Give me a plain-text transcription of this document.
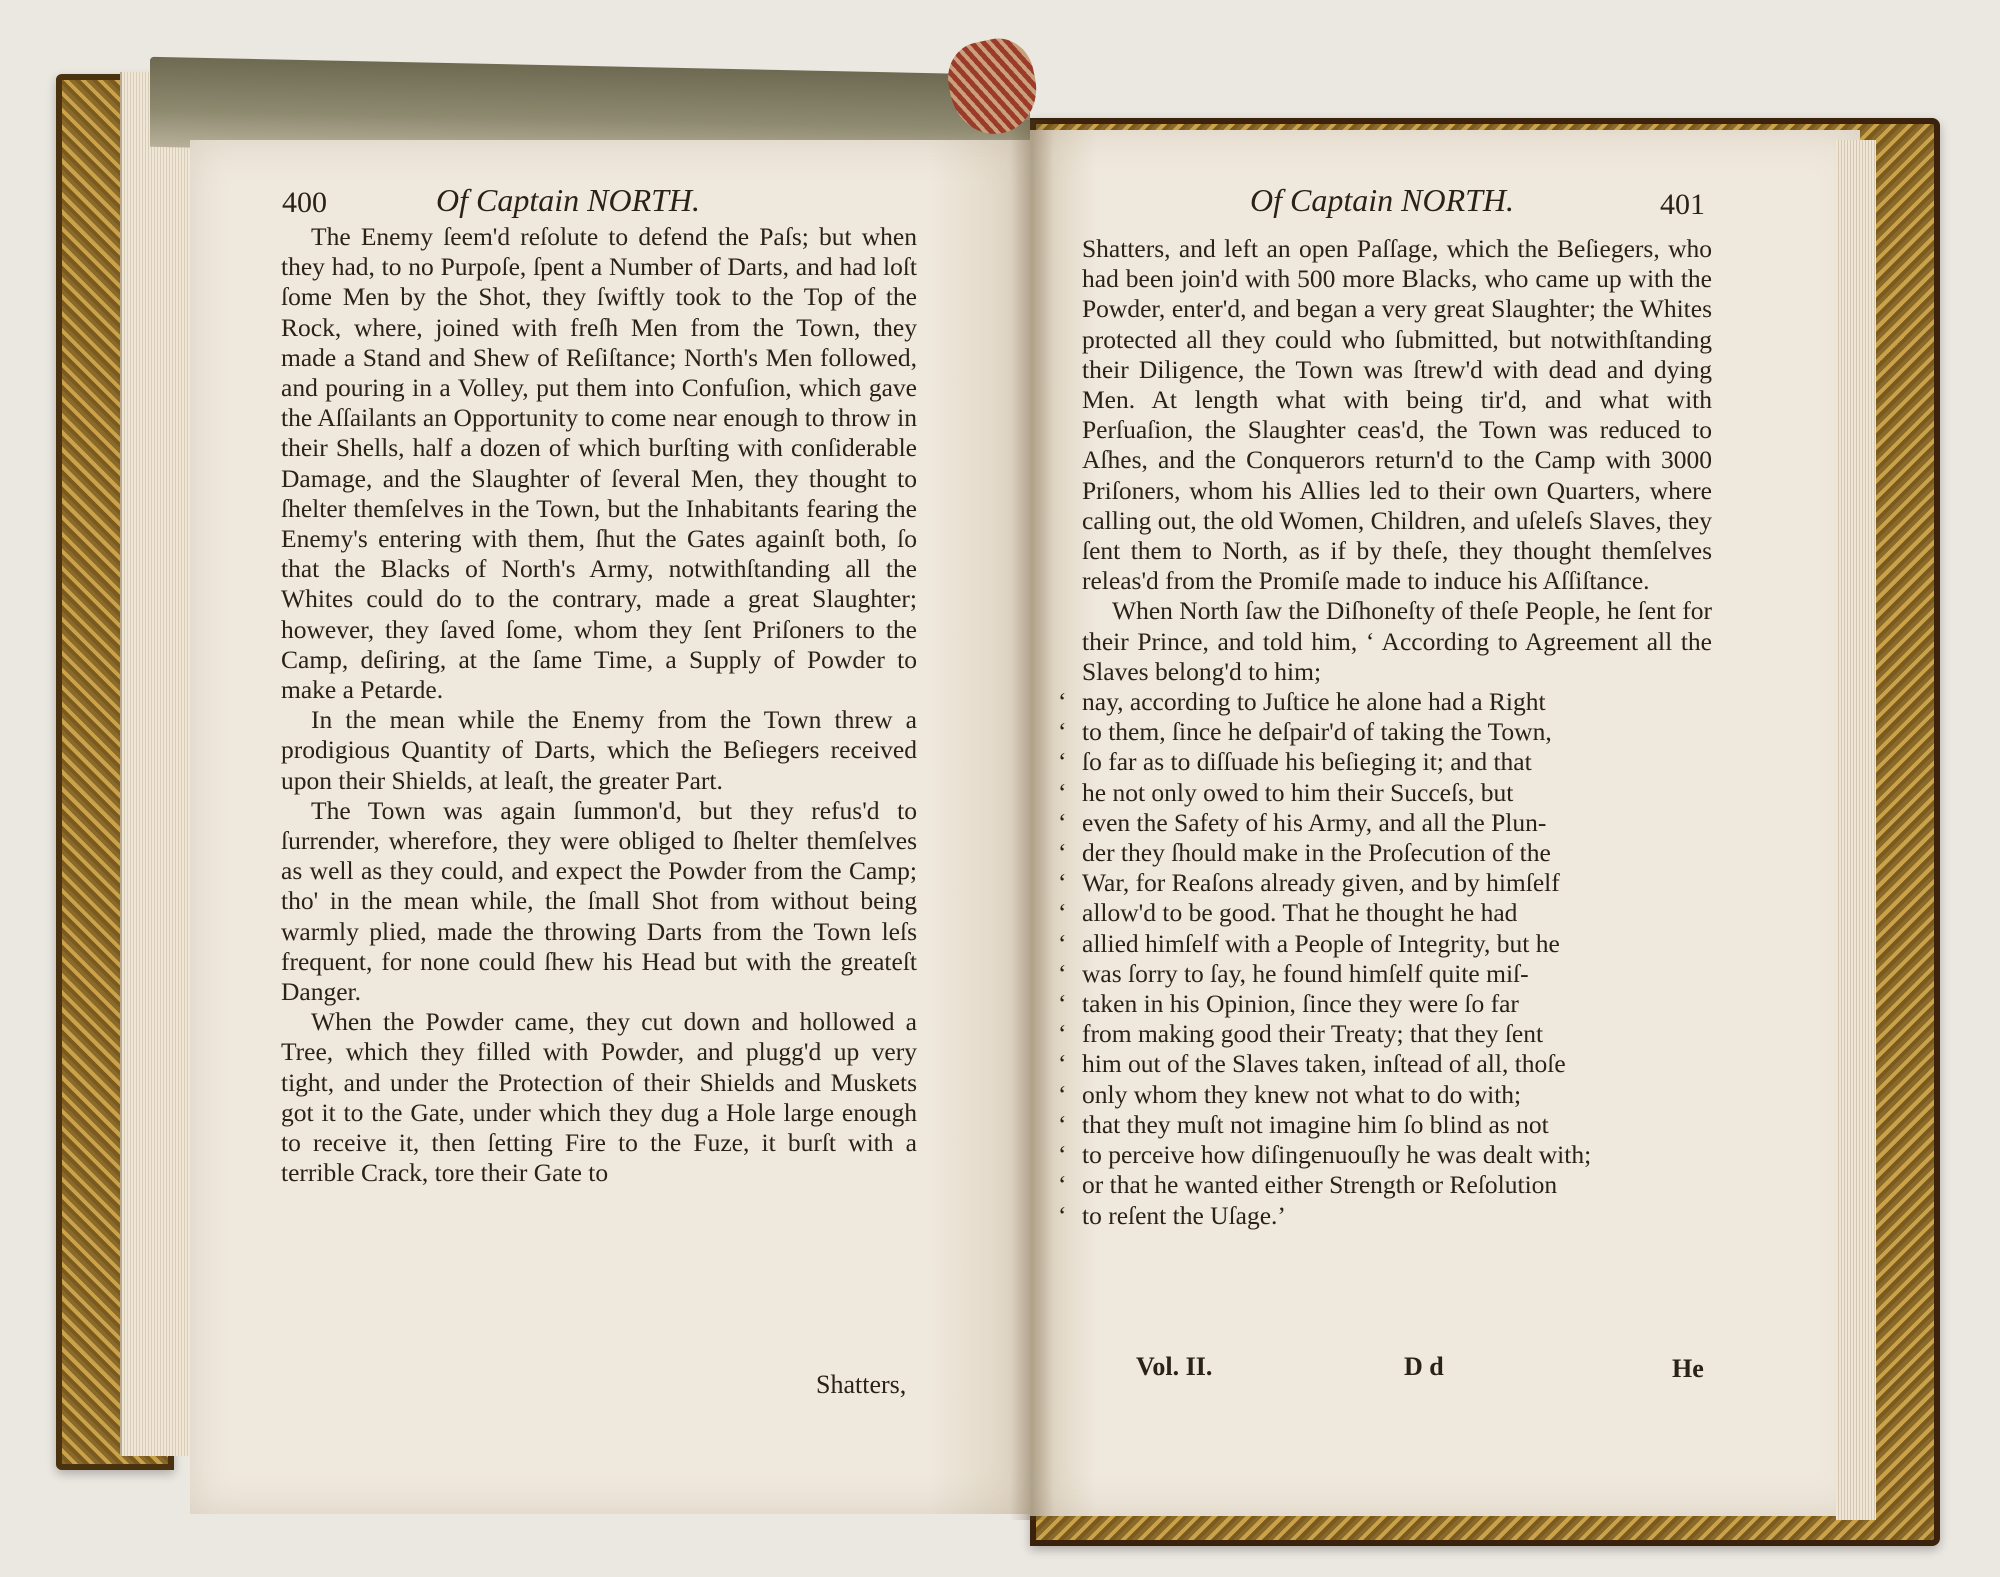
400	Of Captain NORTH.

The Enemy ſeem'd reſolute to defend the Paſs; but when they had, to no Purpoſe, ſpent a Number of Darts, and had loſt ſome Men by the Shot, they ſwiftly took to the Top of the Rock, where, joined with freſh Men from the Town, they made a Stand and Shew of Reſiſtance; North's Men followed, and pouring in a Volley, put them into Confuſion, which gave the Aſſailants an Opportunity to come near enough to throw in their Shells, half a dozen of which burſting with conſiderable Damage, and the Slaughter of ſeveral Men, they thought to ſhelter themſelves in the Town, but the Inhabitants fearing the Enemy's entering with them, ſhut the Gates againſt both, ſo that the Blacks of North's Army, notwithſtanding all the Whites could do to the contrary, made a great Slaughter; however, they ſaved ſome, whom they ſent Priſoners to the Camp, deſiring, at the ſame Time, a Supply of Powder to make a Petarde.

In the mean while the Enemy from the Town threw a prodigious Quantity of Darts, which the Beſiegers received upon their Shields, at leaſt, the greater Part.

The Town was again ſummon'd, but they refus'd to ſurrender, wherefore, they were obliged to ſhelter themſelves as well as they could, and expect the Powder from the Camp; tho' in the mean while, the ſmall Shot from without being warmly plied, made the throwing Darts from the Town leſs frequent, for none could ſhew his Head but with the greateſt Danger.

When the Powder came, they cut down and hollowed a Tree, which they filled with Powder, and plugg'd up very tight, and under the Protection of their Shields and Muskets got it to the Gate, under which they dug a Hole large enough to receive it, then ſetting Fire to the Fuze, it burſt with a terrible Crack, tore their Gate to

Shatters,
Of Captain NORTH.	401

Shatters, and left an open Paſſage, which the Beſiegers, who had been join'd with 500 more Blacks, who came up with the Powder, enter'd, and began a very great Slaughter; the Whites protected all they could who ſubmitted, but notwithſtanding their Diligence, the Town was ſtrew'd with dead and dying Men. At length what with being tir'd, and what with Perſuaſion, the Slaughter ceas'd, the Town was reduced to Aſhes, and the Conquerors return'd to the Camp with 3000 Priſoners, whom his Allies led to their own Quarters, where calling out, the old Women, Children, and uſeleſs Slaves, they ſent them to North, as if by theſe, they thought themſelves releas'd from the Promiſe made to induce his Aſſiſtance.

When North ſaw the Diſhoneſty of theſe People, he ſent for their Prince, and told him, ‘ According to Agreement all the Slaves belong'd to him;

‘ nay, according to Juſtice he alone had a Right
‘ to them, ſince he deſpair'd of taking the Town,
‘ ſo far as to diſſuade his beſieging it; and that
‘ he not only owed to him their Succeſs, but
‘ even the Safety of his Army, and all the Plun-
‘ der they ſhould make in the Proſecution of the
‘ War, for Reaſons already given, and by himſelf
‘ allow'd to be good. That he thought he had
‘ allied himſelf with a People of Integrity, but he
‘ was ſorry to ſay, he found himſelf quite miſ-
‘ taken in his Opinion, ſince they were ſo far
‘ from making good their Treaty; that they ſent
‘ him out of the Slaves taken, inſtead of all, thoſe
‘ only whom they knew not what to do with;
‘ that they muſt not imagine him ſo blind as not
‘ to perceive how diſingenuouſly he was dealt with;
‘ or that he wanted either Strength or Reſolution
‘ to reſent the Uſage.’
Vol. II.	D d	He
